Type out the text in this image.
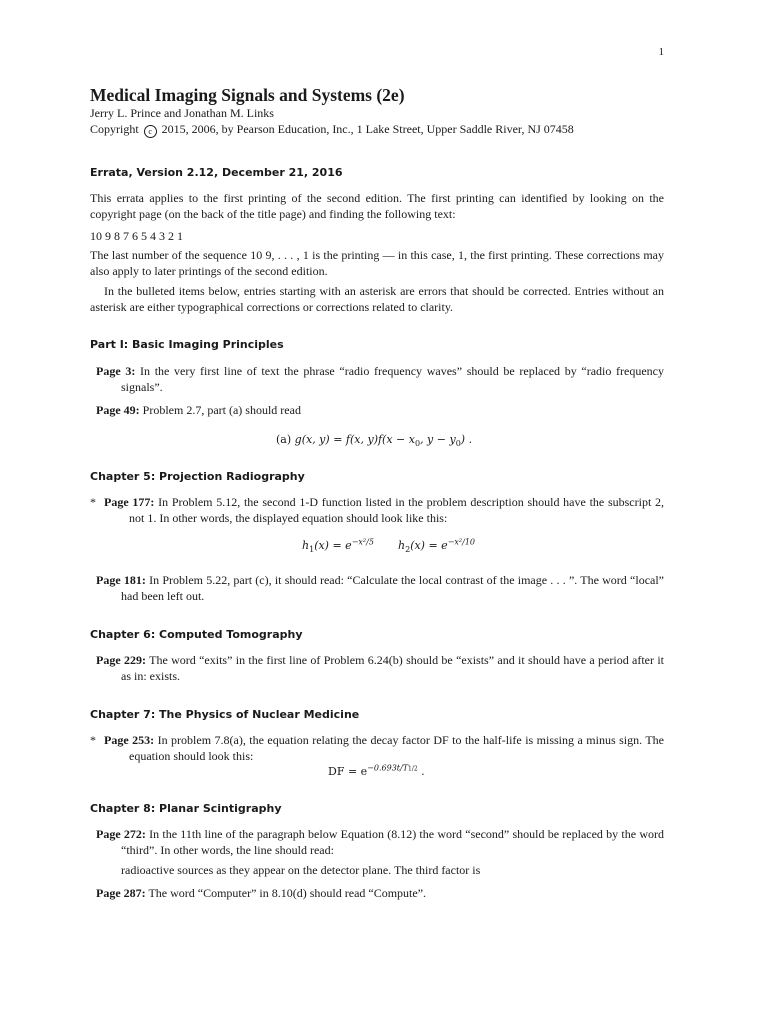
1
Medical Imaging Signals and Systems (2e)
Jerry L. Prince and Jonathan M. Links
Copyright c 2015, 2006, by Pearson Education, Inc., 1 Lake Street, Upper Saddle River, NJ 07458
Errata, Version 2.12, December 21, 2016
This errata applies to the first printing of the second edition. The first printing can identified by looking on the copyright page (on the back of the title page) and finding the following text:
10 9 8 7 6 5 4 3 2 1
The last number of the sequence 10 9, . . . , 1 is the printing — in this case, 1, the first printing. These corrections may also apply to later printings of the second edition.
In the bulleted items below, entries starting with an asterisk are errors that should be corrected. Entries without an asterisk are either typographical corrections or corrections related to clarity.
Part I: Basic Imaging Principles
Page 3: In the very first line of text the phrase “radio frequency waves” should be replaced by “radio frequency signals”.
Page 49: Problem 2.7, part (a) should read
(a) g(x, y) = f(x, $y)f(x - x_0$, $y - y_0$) .
Chapter 5: Projection Radiography
* Page 177: In Problem 5.12, the second 1-D function listed in the problem description should have the subscript 2, not 1. In other words, the displayed equation should look like this:
$h_1(x) = e^{-x^2/5}$ $h_2(x) = e^{-x^2/10}$
Page 181: In Problem 5.22, part (c), it should read: “Calculate the local contrast of the image . . . ”. The word “local” had been left out.
Chapter 6: Computed Tomography
Page 229: The word “exits” in the first line of Problem 6.24(b) should be “exists” and it should have a period after it as in: exists.
Chapter 7: The Physics of Nuclear Medicine
* Page 253: In problem 7.8(a), the equation relating the decay factor DF to the half-life is missing a minus sign. The equation should look this:
DF = $e^{-0.693t/T1/2}$ .
Chapter 8: Planar Scintigraphy
Page 272: In the 11th line of the paragraph below Equation (8.12) the word “second” should be replaced by the word “third”. In other words, the line should read:
radioactive sources as they appear on the detector plane. The third factor is
Page 287: The word “Computer” in 8.10(d) should read “Compute”.
